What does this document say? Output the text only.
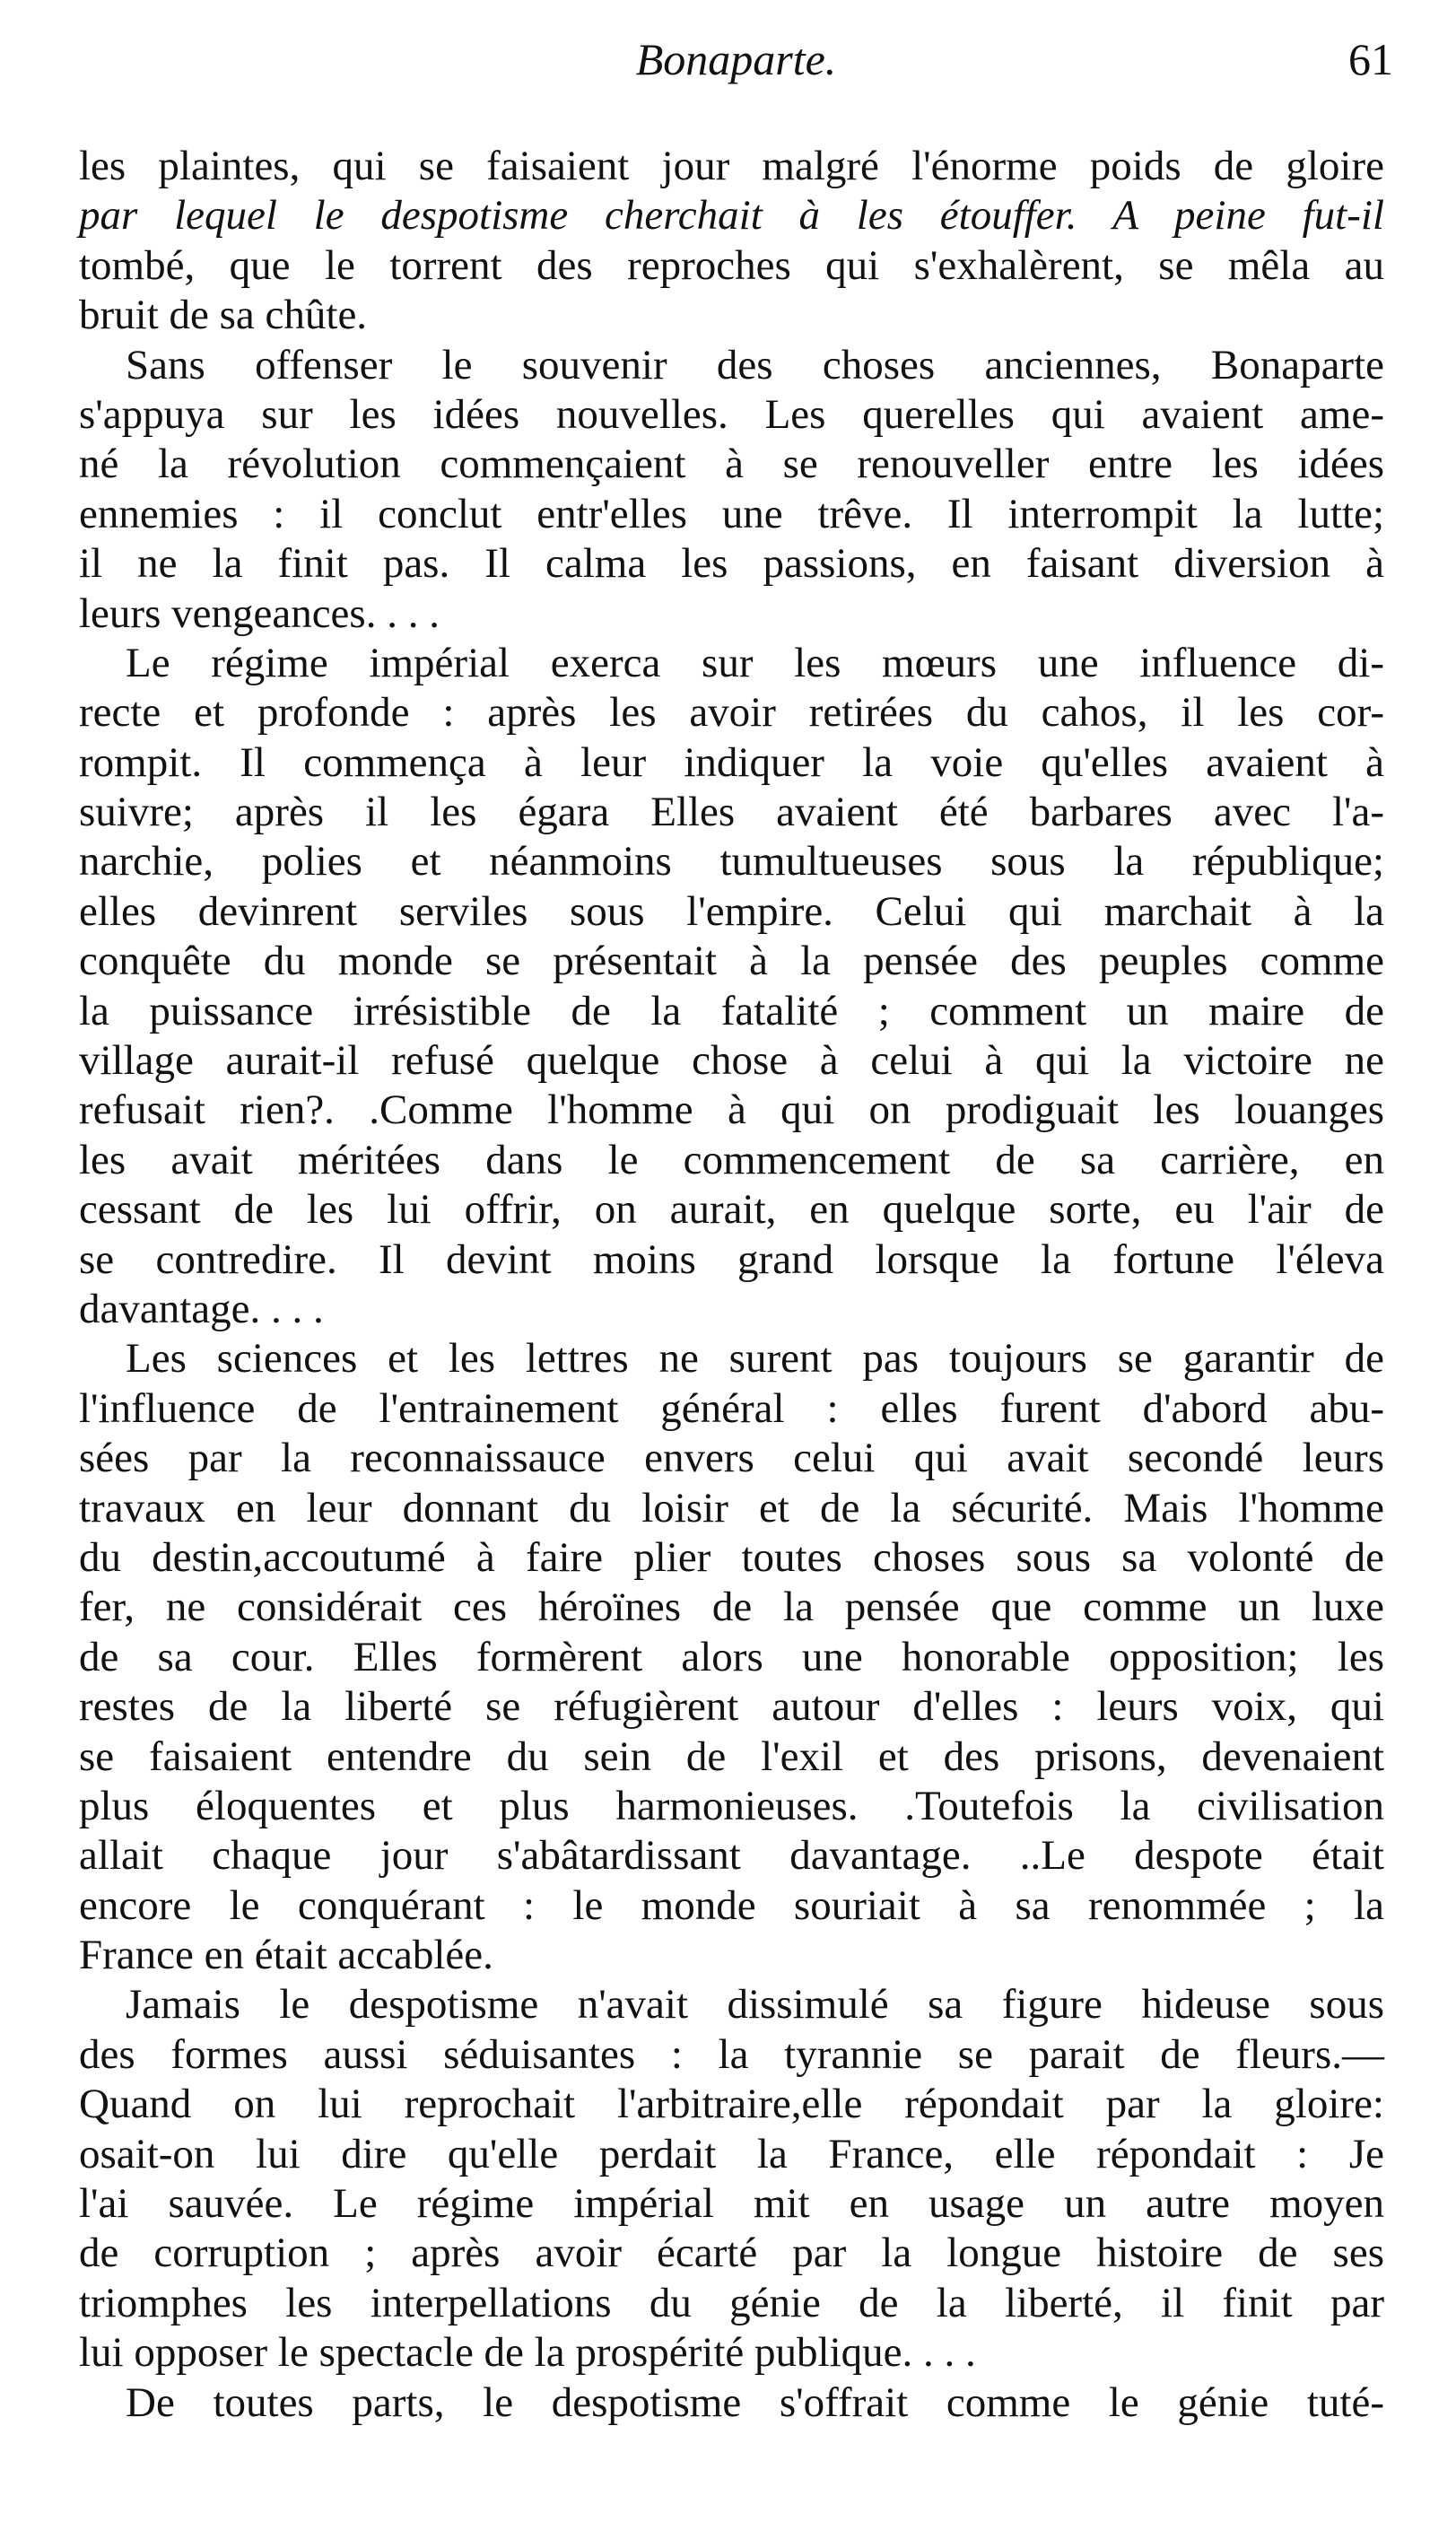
Bonaparte.	61
les plaintes, qui se faisaient jour malgré l'énorme poids de gloire
par lequel le despotisme cherchait à les étouffer. A peine fut-il
tombé, que le torrent des reproches qui s'exhalèrent, se mêla au
bruit de sa chûte.
Sans offenser le souvenir des choses anciennes, Bonaparte
s'appuya sur les idées nouvelles. Les querelles qui avaient ame-
né la révolution commençaient à se renouveller entre les idées
ennemies : il conclut entr'elles une trêve. Il interrompit la lutte;
il ne la finit pas. Il calma les passions, en faisant diversion à
leurs vengeances. . . .
Le régime impérial exerca sur les mœurs une influence di-
recte et profonde : après les avoir retirées du cahos, il les cor-
rompit. Il commença à leur indiquer la voie qu'elles avaient à
suivre; après il les égara Elles avaient été barbares avec l'a-
narchie, polies et néanmoins tumultueuses sous la république;
elles devinrent serviles sous l'empire. Celui qui marchait à la
conquête du monde se présentait à la pensée des peuples comme
la puissance irrésistible de la fatalité ; comment un maire de
village aurait-il refusé quelque chose à celui à qui la victoire ne
refusait rien?. .Comme l'homme à qui on prodiguait les louanges
les avait méritées dans le commencement de sa carrière, en
cessant de les lui offrir, on aurait, en quelque sorte, eu l'air de
se contredire. Il devint moins grand lorsque la fortune l'éleva
davantage. . . .
Les sciences et les lettres ne surent pas toujours se garantir de
l'influence de l'entrainement général : elles furent d'abord abu-
sées par la reconnaissauce envers celui qui avait secondé leurs
travaux en leur donnant du loisir et de la sécurité. Mais l'homme
du destin,accoutumé à faire plier toutes choses sous sa volonté de
fer, ne considérait ces héroïnes de la pensée que comme un luxe
de sa cour. Elles formèrent alors une honorable opposition; les
restes de la liberté se réfugièrent autour d'elles : leurs voix, qui
se faisaient entendre du sein de l'exil et des prisons, devenaient
plus éloquentes et plus harmonieuses. .Toutefois la civilisation
allait chaque jour s'abâtardissant davantage. ..Le despote était
encore le conquérant : le monde souriait à sa renommée ; la
France en était accablée.
Jamais le despotisme n'avait dissimulé sa figure hideuse sous
des formes aussi séduisantes : la tyrannie se parait de fleurs.—
Quand on lui reprochait l'arbitraire,elle répondait par la gloire:
osait-on lui dire qu'elle perdait la France, elle répondait : Je
l'ai sauvée. Le régime impérial mit en usage un autre moyen
de corruption ; après avoir écarté par la longue histoire de ses
triomphes les interpellations du génie de la liberté, il finit par
lui opposer le spectacle de la prospérité publique. . . .
De toutes parts, le despotisme s'offrait comme le génie tuté-
